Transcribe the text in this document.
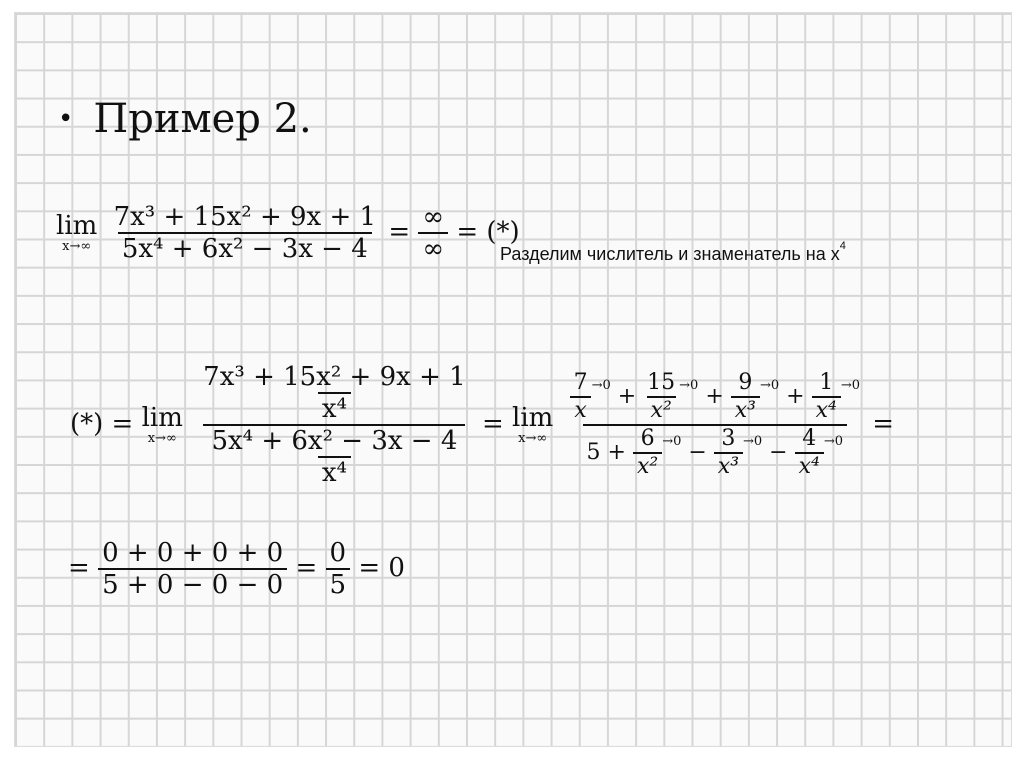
• Пример 2.
lim
x→∞
$\frac{\text{7x³ + 15x² + 9x + 1}}{\text{5x⁴ + 6x² − 3x − 4}} = \frac{\infty}{\infty}$ = (*)
Разделим числитель и знаменатель на $x^4$
(*) = lim
x→∞
$\frac{\frac{\text{7x³ + 15x² + 9x + 1}}{\text{x⁴}}}{\frac{\text{5x⁴ + 6x² − 3x − 4}}{\text{x⁴}}} = \lim$
x→∞

$\frac{7}{x} ^{\to 0} + \frac{15}{\text{x²}} ^{\to 0} + \frac{9}{\text{x³}} ^{\to 0} + \frac{1}{\text{x⁴}} ^{\to 0}$
$5 + \frac{6}{\text{x²}} ^{\to 0} - \frac{3}{\text{x³}} ^{\to 0} - \frac{4}{\text{x⁴}} ^{\to 0}$
=
= $\frac{0 + 0 + 0 + 0}{5 + 0 - 0 - 0} = \frac{0}{5} = 0$
